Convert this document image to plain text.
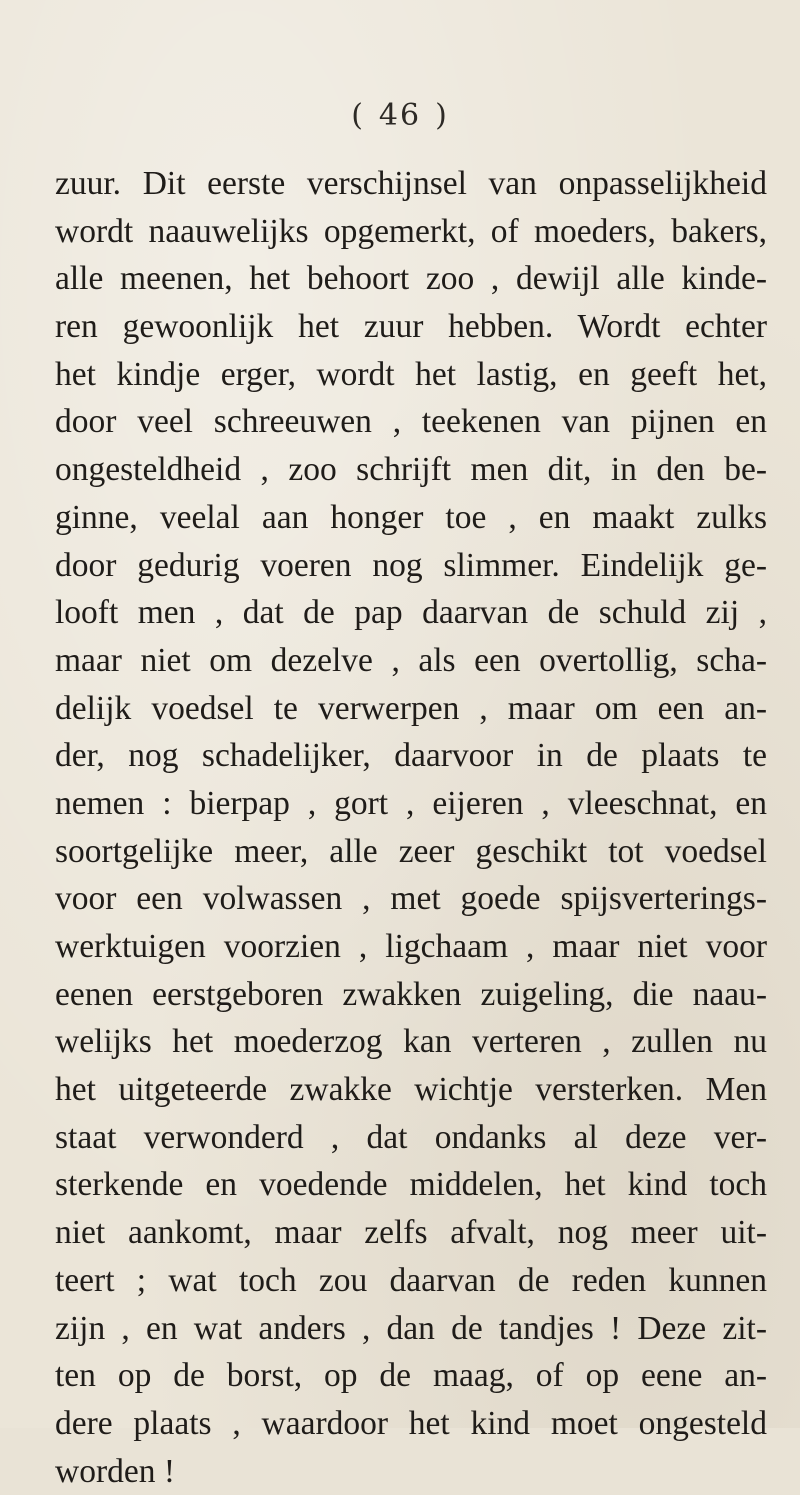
( 46 )
zuur. Dit eerste verschijnsel van onpasselijkheid
wordt naauwelijks opgemerkt, of moeders, bakers,
alle meenen, het behoort zoo , dewijl alle kinde-
ren gewoonlijk het zuur hebben. Wordt echter
het kindje erger, wordt het lastig, en geeft het,
door veel schreeuwen , teekenen van pijnen en
ongesteldheid , zoo schrijft men dit, in den be-
ginne, veelal aan honger toe , en maakt zulks
door gedurig voeren nog slimmer. Eindelijk ge-
looft men , dat de pap daarvan de schuld zij ,
maar niet om dezelve , als een overtollig, scha-
delijk voedsel te verwerpen , maar om een an-
der, nog schadelijker, daarvoor in de plaats te
nemen : bierpap , gort , eijeren , vleeschnat, en
soortgelijke meer, alle zeer geschikt tot voedsel
voor een volwassen , met goede spijsverterings-
werktuigen voorzien , ligchaam , maar niet voor
eenen eerstgeboren zwakken zuigeling, die naau-
welijks het moederzog kan verteren , zullen nu
het uitgeteerde zwakke wichtje versterken. Men
staat verwonderd , dat ondanks al deze ver-
sterkende en voedende middelen, het kind toch
niet aankomt, maar zelfs afvalt, nog meer uit-
teert ; wat toch zou daarvan de reden kunnen
zijn , en wat anders , dan de tandjes ! Deze zit-
ten op de borst, op de maag, of op eene an-
dere plaats , waardoor het kind moet ongesteld
worden !
